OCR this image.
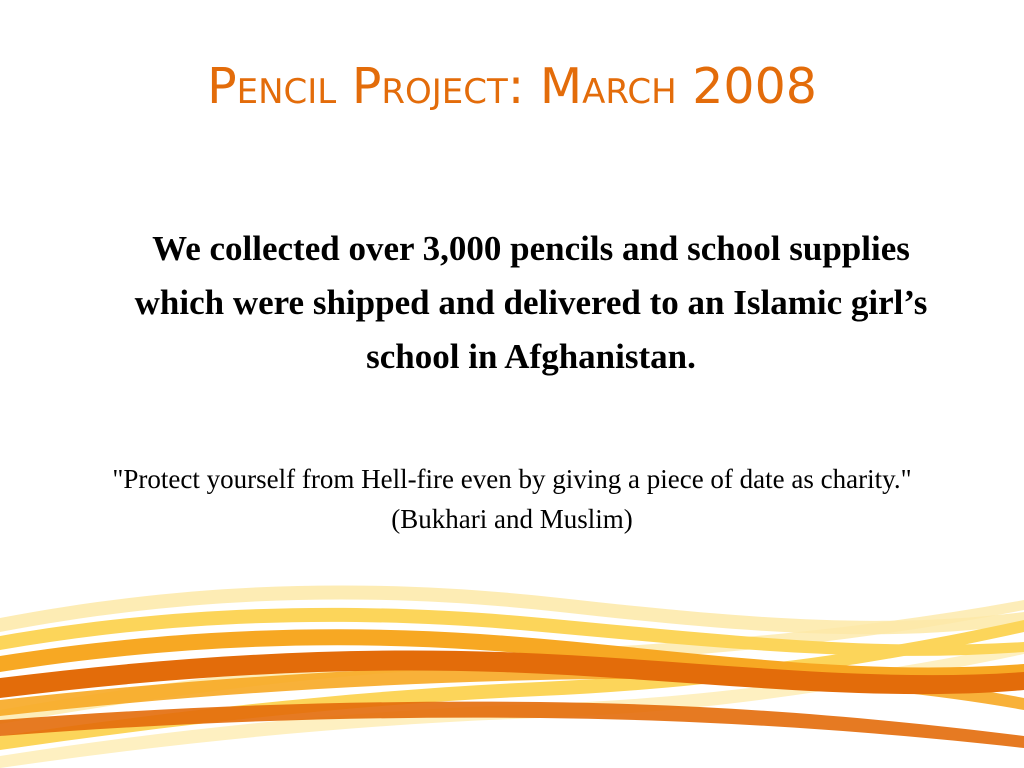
Pencil Project: March 2008

We collected over 3,000 pencils and school supplies which were shipped and delivered to an Islamic girl’s school in Afghanistan.

"Protect yourself from Hell-fire even by giving a piece of date as charity." (Bukhari and Muslim)
